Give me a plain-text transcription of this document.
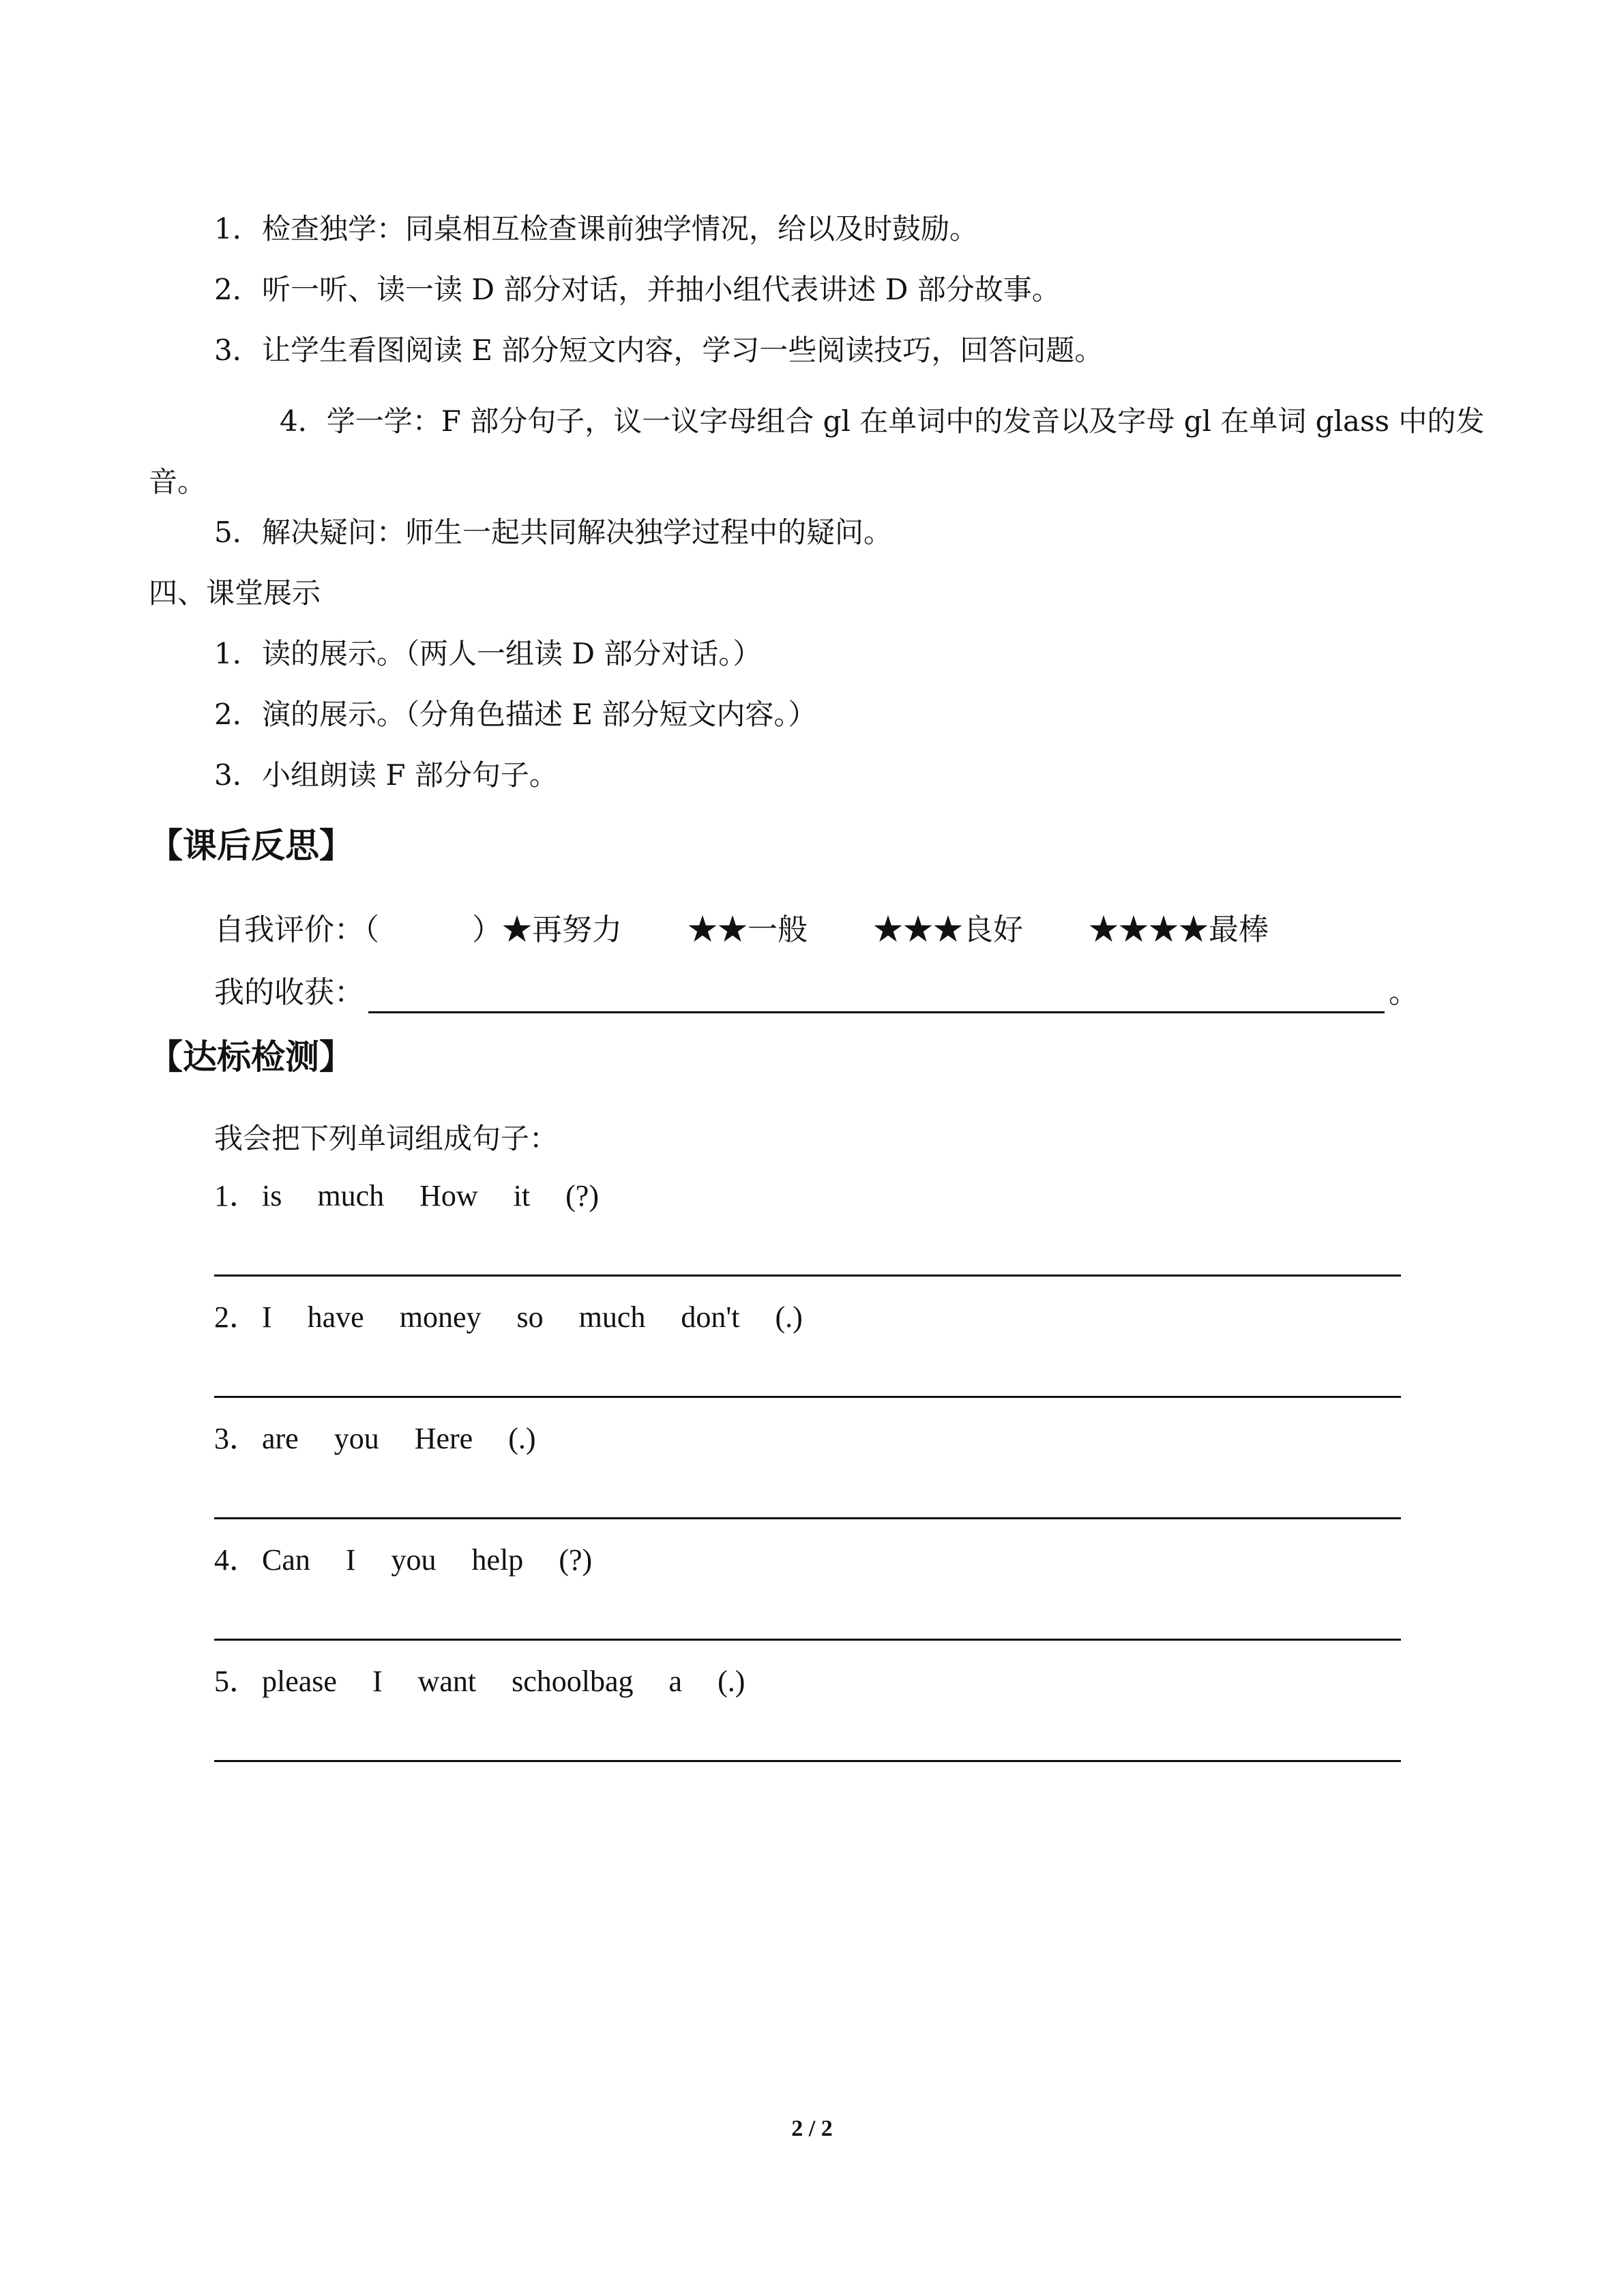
1．检查独学：同桌相互检查课前独学情况，给以及时鼓励。
2．听一听、读一读 D 部分对话，并抽小组代表讲述 D 部分故事。
3．让学生看图阅读 E 部分短文内容，学习一些阅读技巧，回答问题。

4．学一学：F 部分句子，议一议字母组合 gl 在单词中的发音以及字母 gl 在单词 glass 中的发音。

5．解决疑问：师生一起共同解决独学过程中的疑问。
四、课堂展示
1．读的展示。（两人一组读 D 部分对话。）
2．演的展示。（分角色描述 E 部分短文内容。）
3．小组朗读 F 部分句子。
【课后反思】
自我评价：（	）★再努力 ★★一般 ★★★良好 ★★★★最棒
我的收获：	。
【达标检测】
我会把下列单词组成句子：
1．is much How it (?)
2．I have money so much don't (.)
3．are you Here (.)
4．Can I you help (?)
5．please I want schoolbag a (.)
2 / 2
